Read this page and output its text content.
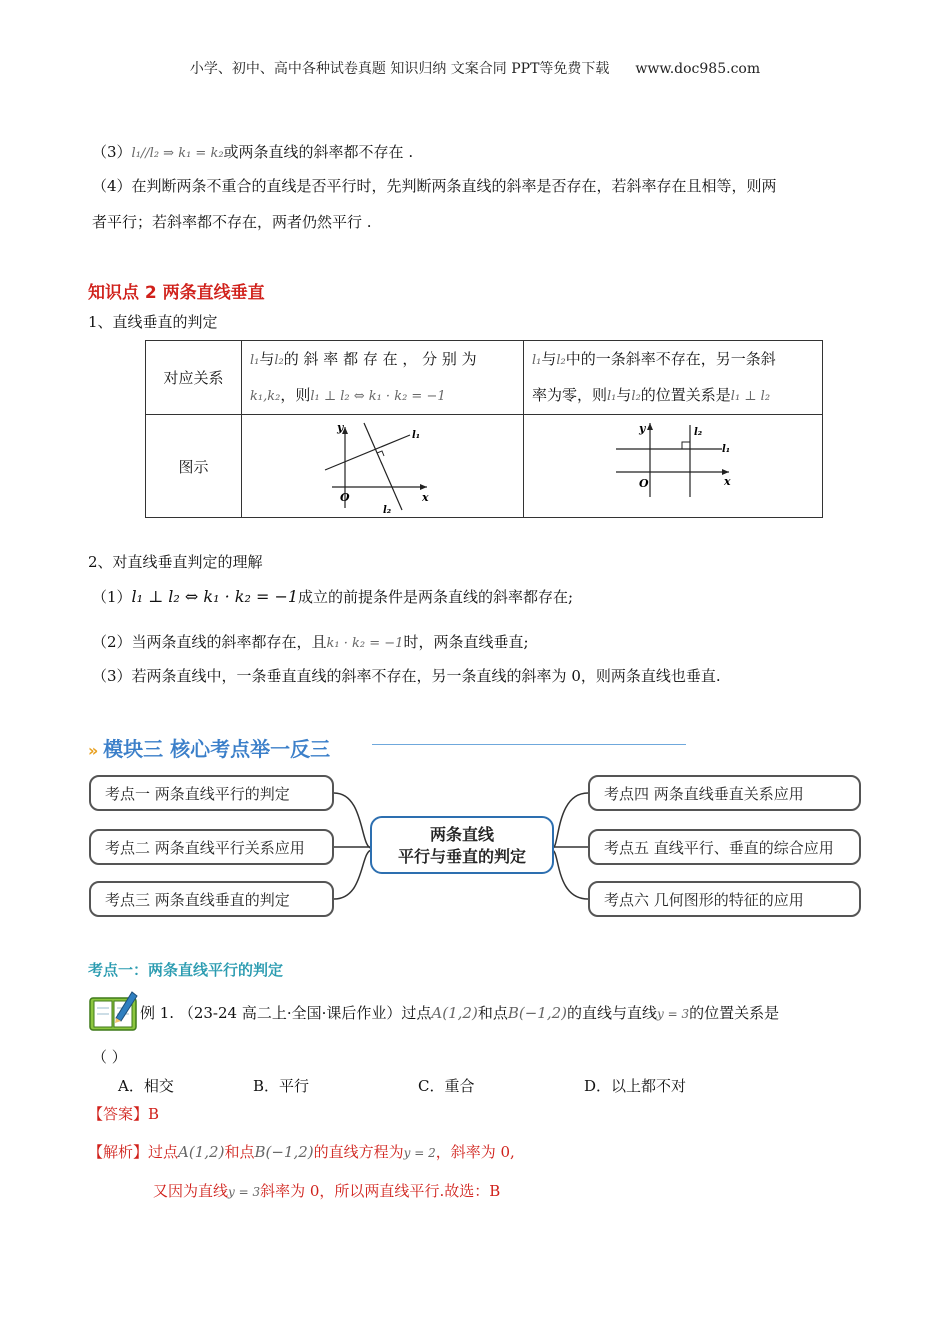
小学、初中、高中各种试卷真题 知识归纳 文案合同 PPT等免费下载 www.doc985.com
（3）l₁//l₂ ⇒ k₁ = k₂或两条直线的斜率都不存在 .
（4）在判断两条不重合的直线是否平行时，先判断两条直线的斜率是否存在，若斜率存在且相等，则两
者平行；若斜率都不存在，两者仍然平行 .
知识点 2 两条直线垂直
1、直线垂直的判定
对应关系	l₁与l₂的 斜 率 都 存 在 ， 分 别 为
k₁,k₂，则l₁ ⊥ l₂ ⇔ k₁ · k₂ = −1	l₁与l₂中的一条斜率不存在，另一条斜
率为零，则l₁与l₂的位置关系是l₁ ⊥ l₂
图示	y
x
O
l₁
l₂	y
x
O
l₁
l₂
2、对直线垂直判定的理解
（1）l₁ ⊥ l₂ ⇔ k₁ · k₂ = −1成立的前提条件是两条直线的斜率都存在;
（2）当两条直线的斜率都存在，且k₁ · k₂ = −1时，两条直线垂直;
（3）若两条直线中，一条垂直直线的斜率不存在，另一条直线的斜率为 0，则两条直线也垂直.
» 模块三 核心考点举一反三
考点一 两条直线平行的判定
考点二 两条直线平行关系应用
考点三 两条直线垂直的判定
考点四 两条直线垂直关系应用
考点五 直线平行、垂直的综合应用
考点六 几何图形的特征的应用
两条直线
平行与垂直的判定
考点一：两条直线平行的判定
例 1. （23-24 高二上·全国·课后作业）过点A(1,2)和点B(−1,2)的直线与直线y = 3的位置关系是
（ ）
A．相交	B．平行	C．重合	D．以上都不对
【答案】B
【解析】过点A(1,2)和点B(−1,2)的直线方程为y = 2，斜率为 0,
又因为直线y = 3斜率为 0，所以两直线平行.故选：B
